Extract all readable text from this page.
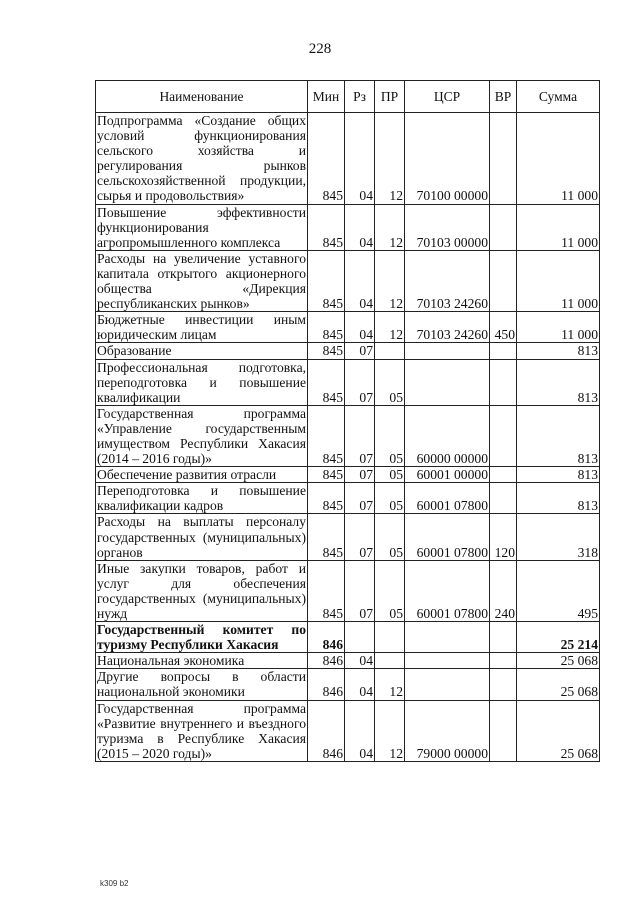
228
Наименование	Мин	Рз	ПР	ЦСР	ВР	Сумма
Подпрограмма «Создание общих условий функционирования сельского хозяйства и регулирования рынков сельскохозяйственной продукции, сырья и продовольствия»	845	04	12	70100 00000		11 000
Повышение эффективности функционирования агропромышленного комплекса	845	04	12	70103 00000		11 000
Расходы на увеличение уставного капитала открытого акционерного общества «Дирекция республиканских рынков»	845	04	12	70103 24260		11 000
Бюджетные инвестиции иным юридическим лицам	845	04	12	70103 24260	450	11 000
Образование	845	07				813
Профессиональная подготовка, переподготовка и повышение квалификации	845	07	05			813
Государственная программа «Управление государственным имуществом Республики Хакасия (2014 – 2016 годы)»	845	07	05	60000 00000		813
Обеспечение развития отрасли	845	07	05	60001 00000		813
Переподготовка и повышение квалификации кадров	845	07	05	60001 07800		813
Расходы на выплаты персоналу государственных (муниципальных) органов	845	07	05	60001 07800	120	318
Иные закупки товаров, работ и услуг для обеспечения государственных (муниципальных) нужд	845	07	05	60001 07800	240	495
Государственный комитет по туризму Республики Хакасия	846					25 214
Национальная экономика	846	04				25 068
Другие вопросы в области национальной экономики	846	04	12			25 068
Государственная программа «Развитие внутреннего и въездного туризма в Республике Хакасия (2015 – 2020 годы)»	846	04	12	79000 00000		25 068
k309 b2
